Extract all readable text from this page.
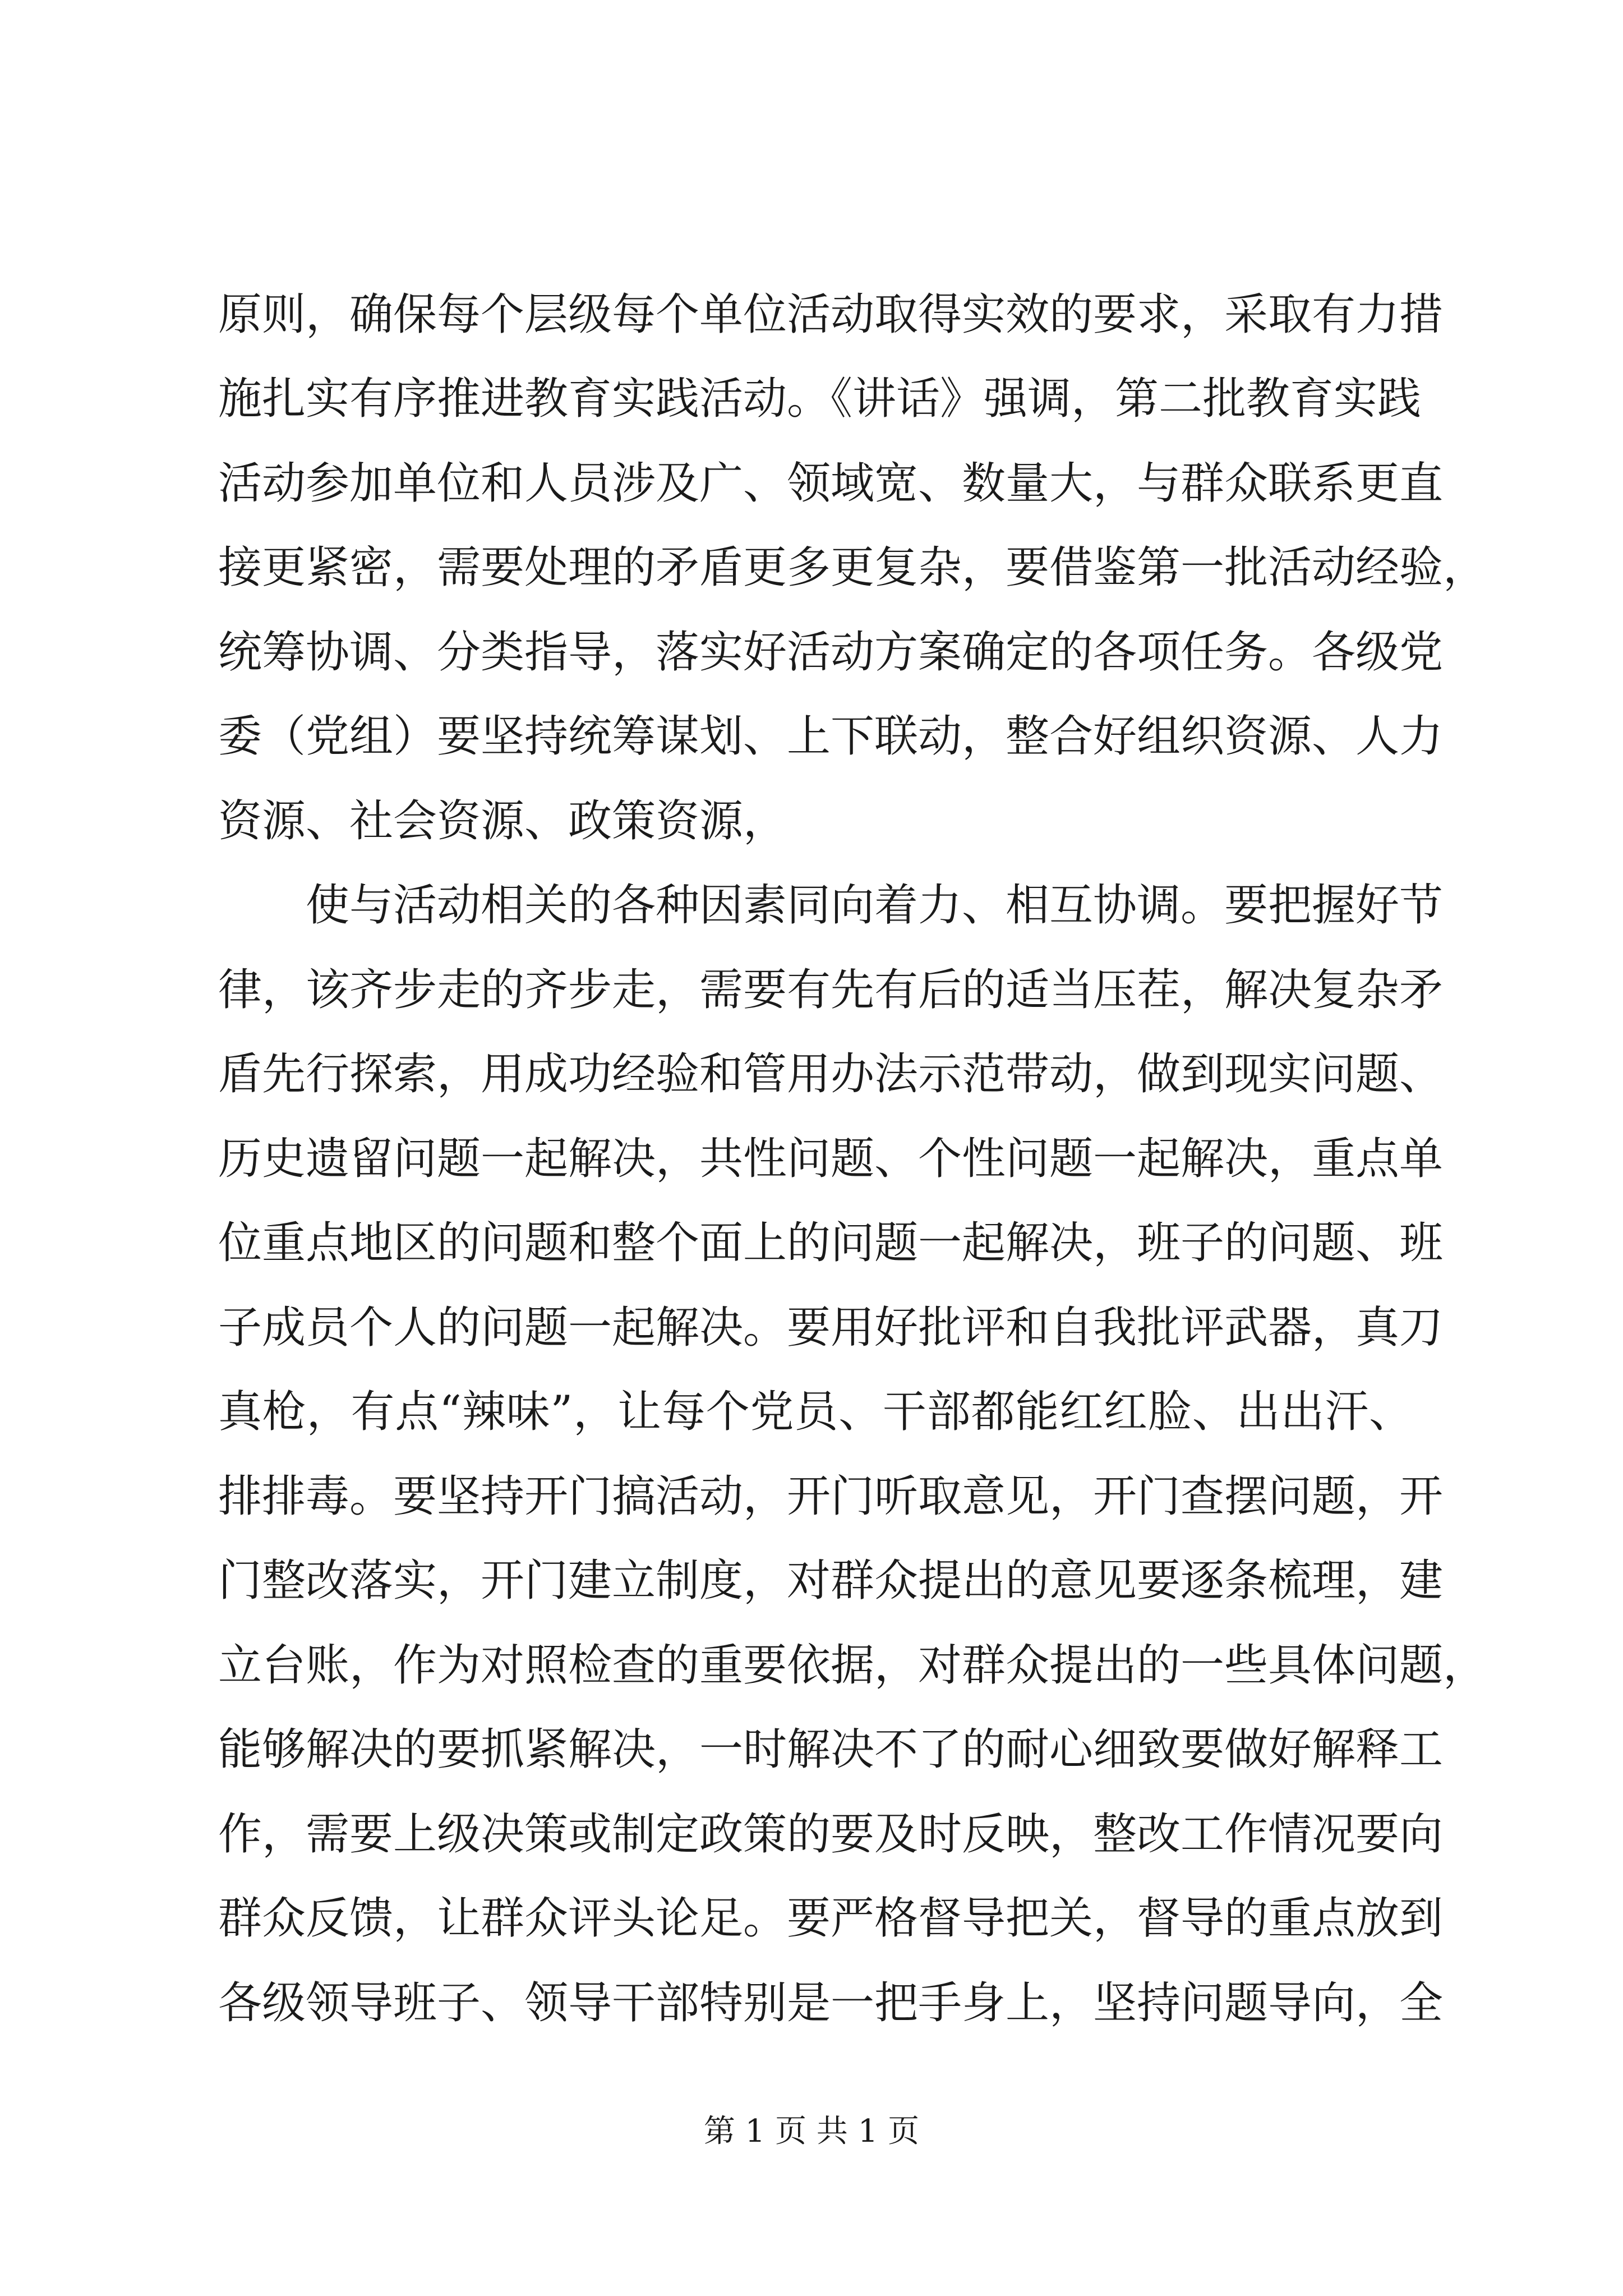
原则，确保每个层级每个单位活动取得实效的要求，采取有力措
施扎实有序推进教育实践活动。《讲话》强调，第二批教育实践
活动参加单位和人员涉及广、领域宽、数量大，与群众联系更直
接更紧密，需要处理的矛盾更多更复杂，要借鉴第一批活动经验，
统筹协调、分类指导，落实好活动方案确定的各项任务。各级党
委（党组）要坚持统筹谋划、上下联动，整合好组织资源、人力
资源、社会资源、政策资源，
使与活动相关的各种因素同向着力、相互协调。要把握好节
律，该齐步走的齐步走，需要有先有后的适当压茬，解决复杂矛
盾先行探索，用成功经验和管用办法示范带动，做到现实问题、
历史遗留问题一起解决，共性问题、个性问题一起解决，重点单
位重点地区的问题和整个面上的问题一起解决，班子的问题、班
子成员个人的问题一起解决。要用好批评和自我批评武器，真刀
真枪，有点“辣味”，让每个党员、干部都能红红脸、出出汗、
排排毒。要坚持开门搞活动，开门听取意见，开门查摆问题，开
门整改落实，开门建立制度，对群众提出的意见要逐条梳理，建
立台账，作为对照检查的重要依据，对群众提出的一些具体问题，
能够解决的要抓紧解决，一时解决不了的耐心细致要做好解释工
作，需要上级决策或制定政策的要及时反映，整改工作情况要向
群众反馈，让群众评头论足。要严格督导把关，督导的重点放到
各级领导班子、领导干部特别是一把手身上，坚持问题导向，全
第 1 页 共 1 页
